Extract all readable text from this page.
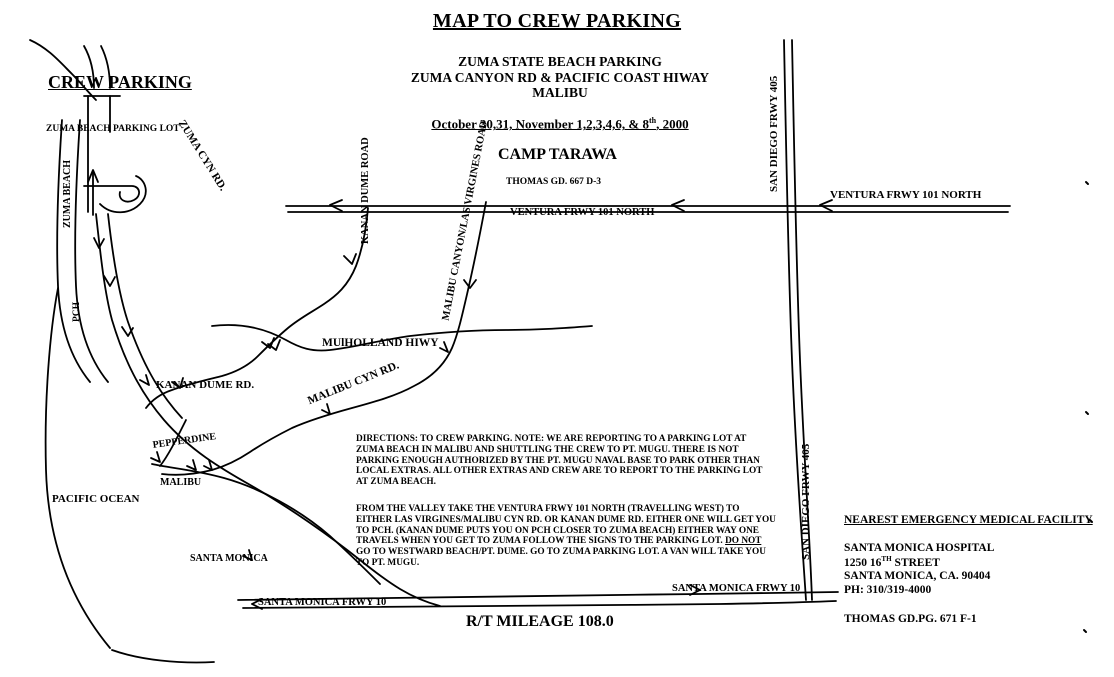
MAP TO CREW PARKING
ZUMA STATE BEACH PARKING
ZUMA CANYON RD & PACIFIC COAST HIWAY
MALIBU
October 30,31, November 1,2,3,4,6, & 8th, 2000
CREW PARKING
ZUMA BEACH PARKING LOT
ZUMA BEACH
PCH
ZUMA CYN RD.	KANAN DUME ROAD	MALIBU CANYON/LAS VIRGINES ROAD CAMP TARAWA
THOMAS GD. 667 D-3	SAN DIEGO FRWY 405
SAN DIEGO FRWY 405
VENTURA FRWY 101 NORTH
VENTURA FRWY 101 NORTH
MUlHOLLAND HIWY
KANAN DUME RD.	MALIBU CYN RD.
PEPPERDINE
MALIBU
PACIFIC OCEAN
SANTA MONICA
SANTA MONICA FRWY 10
SANTA MONICA FRWY 10
R/T MILEAGE 108.0
DIRECTIONS: TO CREW PARKING. NOTE: WE ARE REPORTING TO A PARKING LOT AT ZUMA BEACH IN MALIBU AND SHUTTLING THE CREW TO PT. MUGU. THERE IS NOT PARKING ENOUGH AUTHORIZED BY THE PT. MUGU NAVAL BASE TO PARK OTHER THAN LOCAL EXTRAS. ALL OTHER EXTRAS AND CREW ARE TO REPORT TO THE PARKING LOT AT ZUMA BEACH.
FROM THE VALLEY TAKE THE VENTURA FRWY 101 NORTH (TRAVELLING WEST) TO EITHER LAS VIRGINES/MALIBU CYN RD. OR KANAN DUME RD. EITHER ONE WILL GET YOU TO PCH. (KANAN DUME PUTS YOU ON PCH CLOSER TO ZUMA BEACH) EITHER WAY ONE TRAVELS WHEN YOU GET TO ZUMA FOLLOW THE SIGNS TO THE PARKING LOT. DO NOT GO TO WESTWARD BEACH/PT. DUME. GO TO ZUMA PARKING LOT. A VAN WILL TAKE YOU TO PT. MUGU.
NEAREST EMERGENCY MEDICAL FACILITY
SANTA MONICA HOSPITAL
1250 16TH STREET
SANTA MONICA, CA. 90404
PH: 310/319-4000
THOMAS GD.PG. 671 F-1
